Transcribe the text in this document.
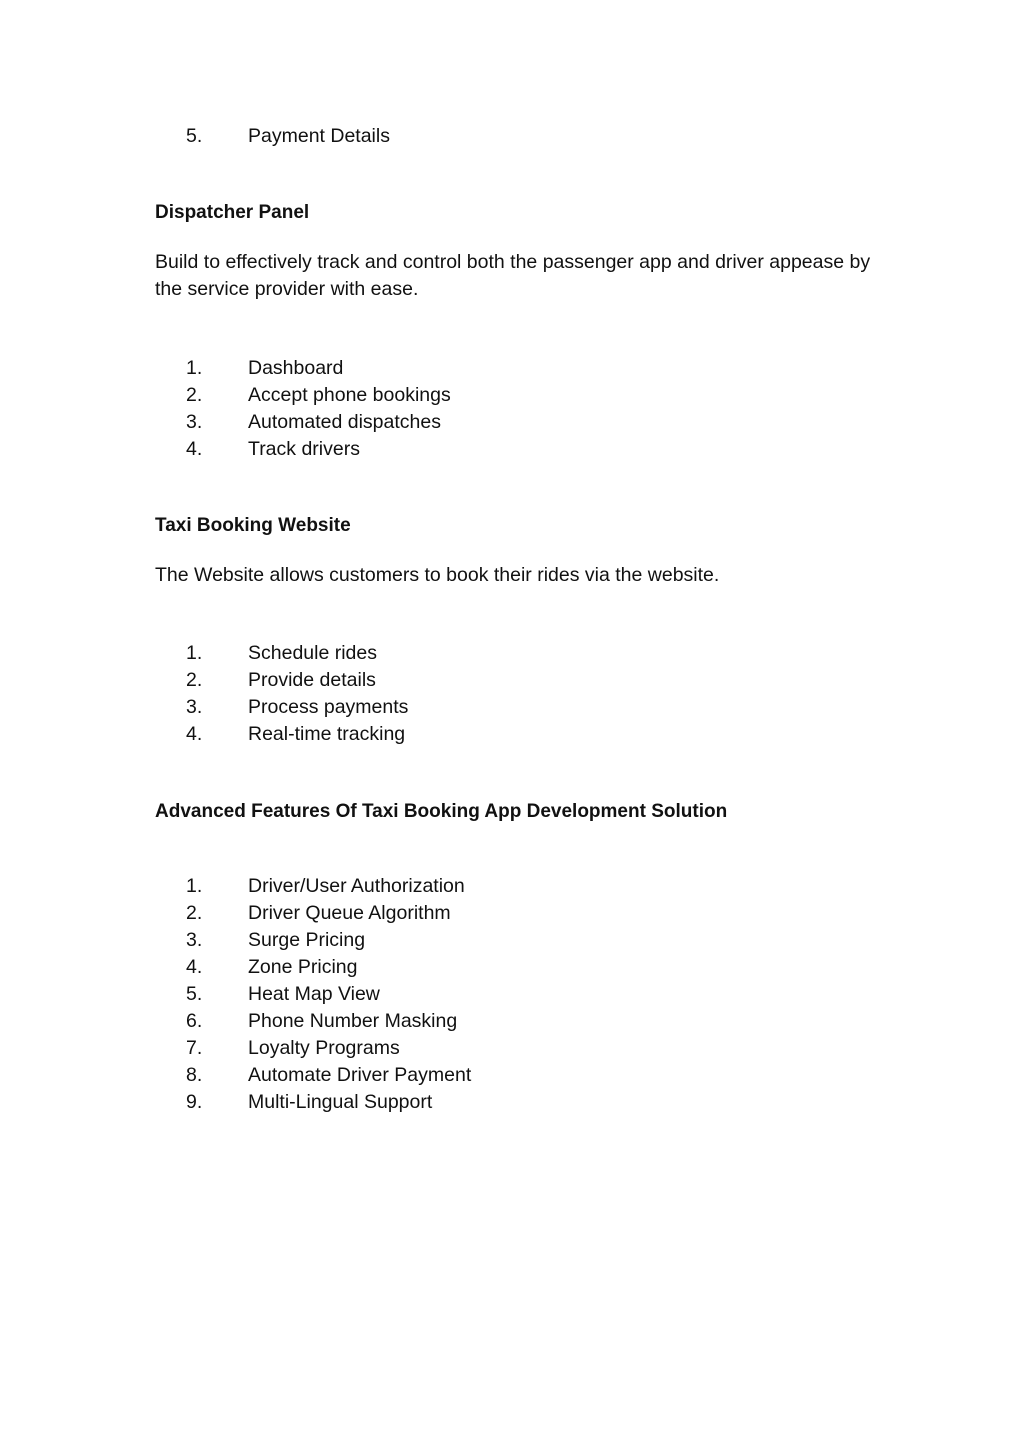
5.	Payment Details
Dispatcher Panel

Build to effectively track and control both the passenger app and driver appease by the service provider with ease.

1.	Dashboard
2.	Accept phone bookings
3.	Automated dispatches
4.	Track drivers
Taxi Booking Website

The Website allows customers to book their rides via the website.

1.	Schedule rides
2.	Provide details
3.	Process payments
4.	Real-time tracking
Advanced Features Of Taxi Booking App Development Solution
1.	Driver/User Authorization
2.	Driver Queue Algorithm
3.	Surge Pricing
4.	Zone Pricing
5.	Heat Map View
6.	Phone Number Masking
7.	Loyalty Programs
8.	Automate Driver Payment
9.	Multi-Lingual Support
